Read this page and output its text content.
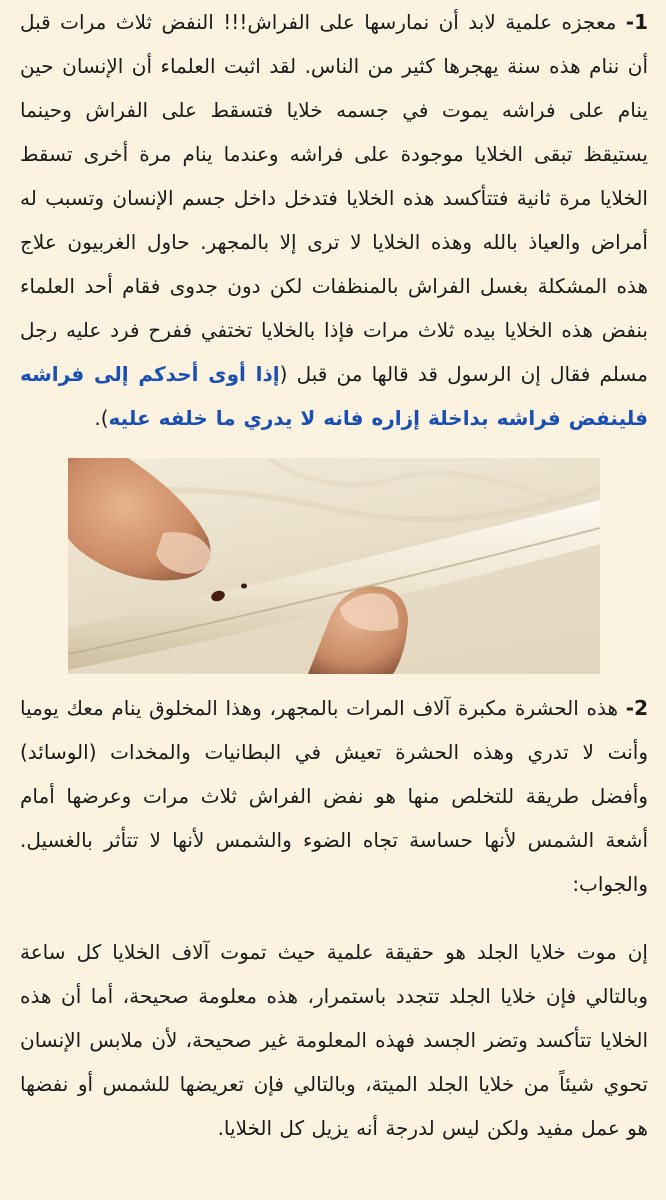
1- معجزه علمية لابد أن نمارسها على الفراش!!! النفض ثلاث مرات قبل أن ننام هذه سنة يهجرها كثير من الناس. لقد اثبت العلماء أن الإنسان حين ينام على فراشه يموت في جسمه خلايا فتسقط على الفراش وحينما يستيقظ تبقى الخلايا موجودة على فراشه وعندما ينام مرة أخرى تسقط الخلايا مرة ثانية فتتأكسد هذه الخلايا فتدخل داخل جسم الإنسان وتسبب له أمراض والعياذ بالله وهذه الخلايا لا ترى إلا بالمجهر. حاول الغربيون علاج هذه المشكلة بغسل الفراش بالمنظفات لكن دون جدوى فقام أحد العلماء بنفض هذه الخلايا بيده ثلاث مرات فإذا بالخلايا تختفي ففرح فرد عليه رجل مسلم فقال إن الرسول قد قالها من قبل (إذا أوى أحدكم إلى فراشه فلينفض فراشه بداخلة إزاره فانه لا يدري ما خلفه عليه).

2- هذه الحشرة مكبرة آلاف المرات بالمجهر، وهذا المخلوق ينام معك يوميا وأنت لا تدري وهذه الحشرة تعيش في البطانيات والمخدات (الوسائد) وأفضل طريقة للتخلص منها هو نفض الفراش ثلاث مرات وعرضها أمام أشعة الشمس لأنها حساسة تجاه الضوء والشمس لأنها لا تتأثر بالغسيل. والجواب:

إن موت خلايا الجلد هو حقيقة علمية حيث تموت آلاف الخلايا كل ساعة وبالتالي فإن خلايا الجلد تتجدد باستمرار، هذه معلومة صحيحة، أما أن هذه الخلايا تتأكسد وتضر الجسد فهذه المعلومة غير صحيحة، لأن ملابس الإنسان تحوي شيئاً من خلايا الجلد الميتة، وبالتالي فإن تعريضها للشمس أو نفضها هو عمل مفيد ولكن ليس لدرجة أنه يزيل كل الخلايا.
